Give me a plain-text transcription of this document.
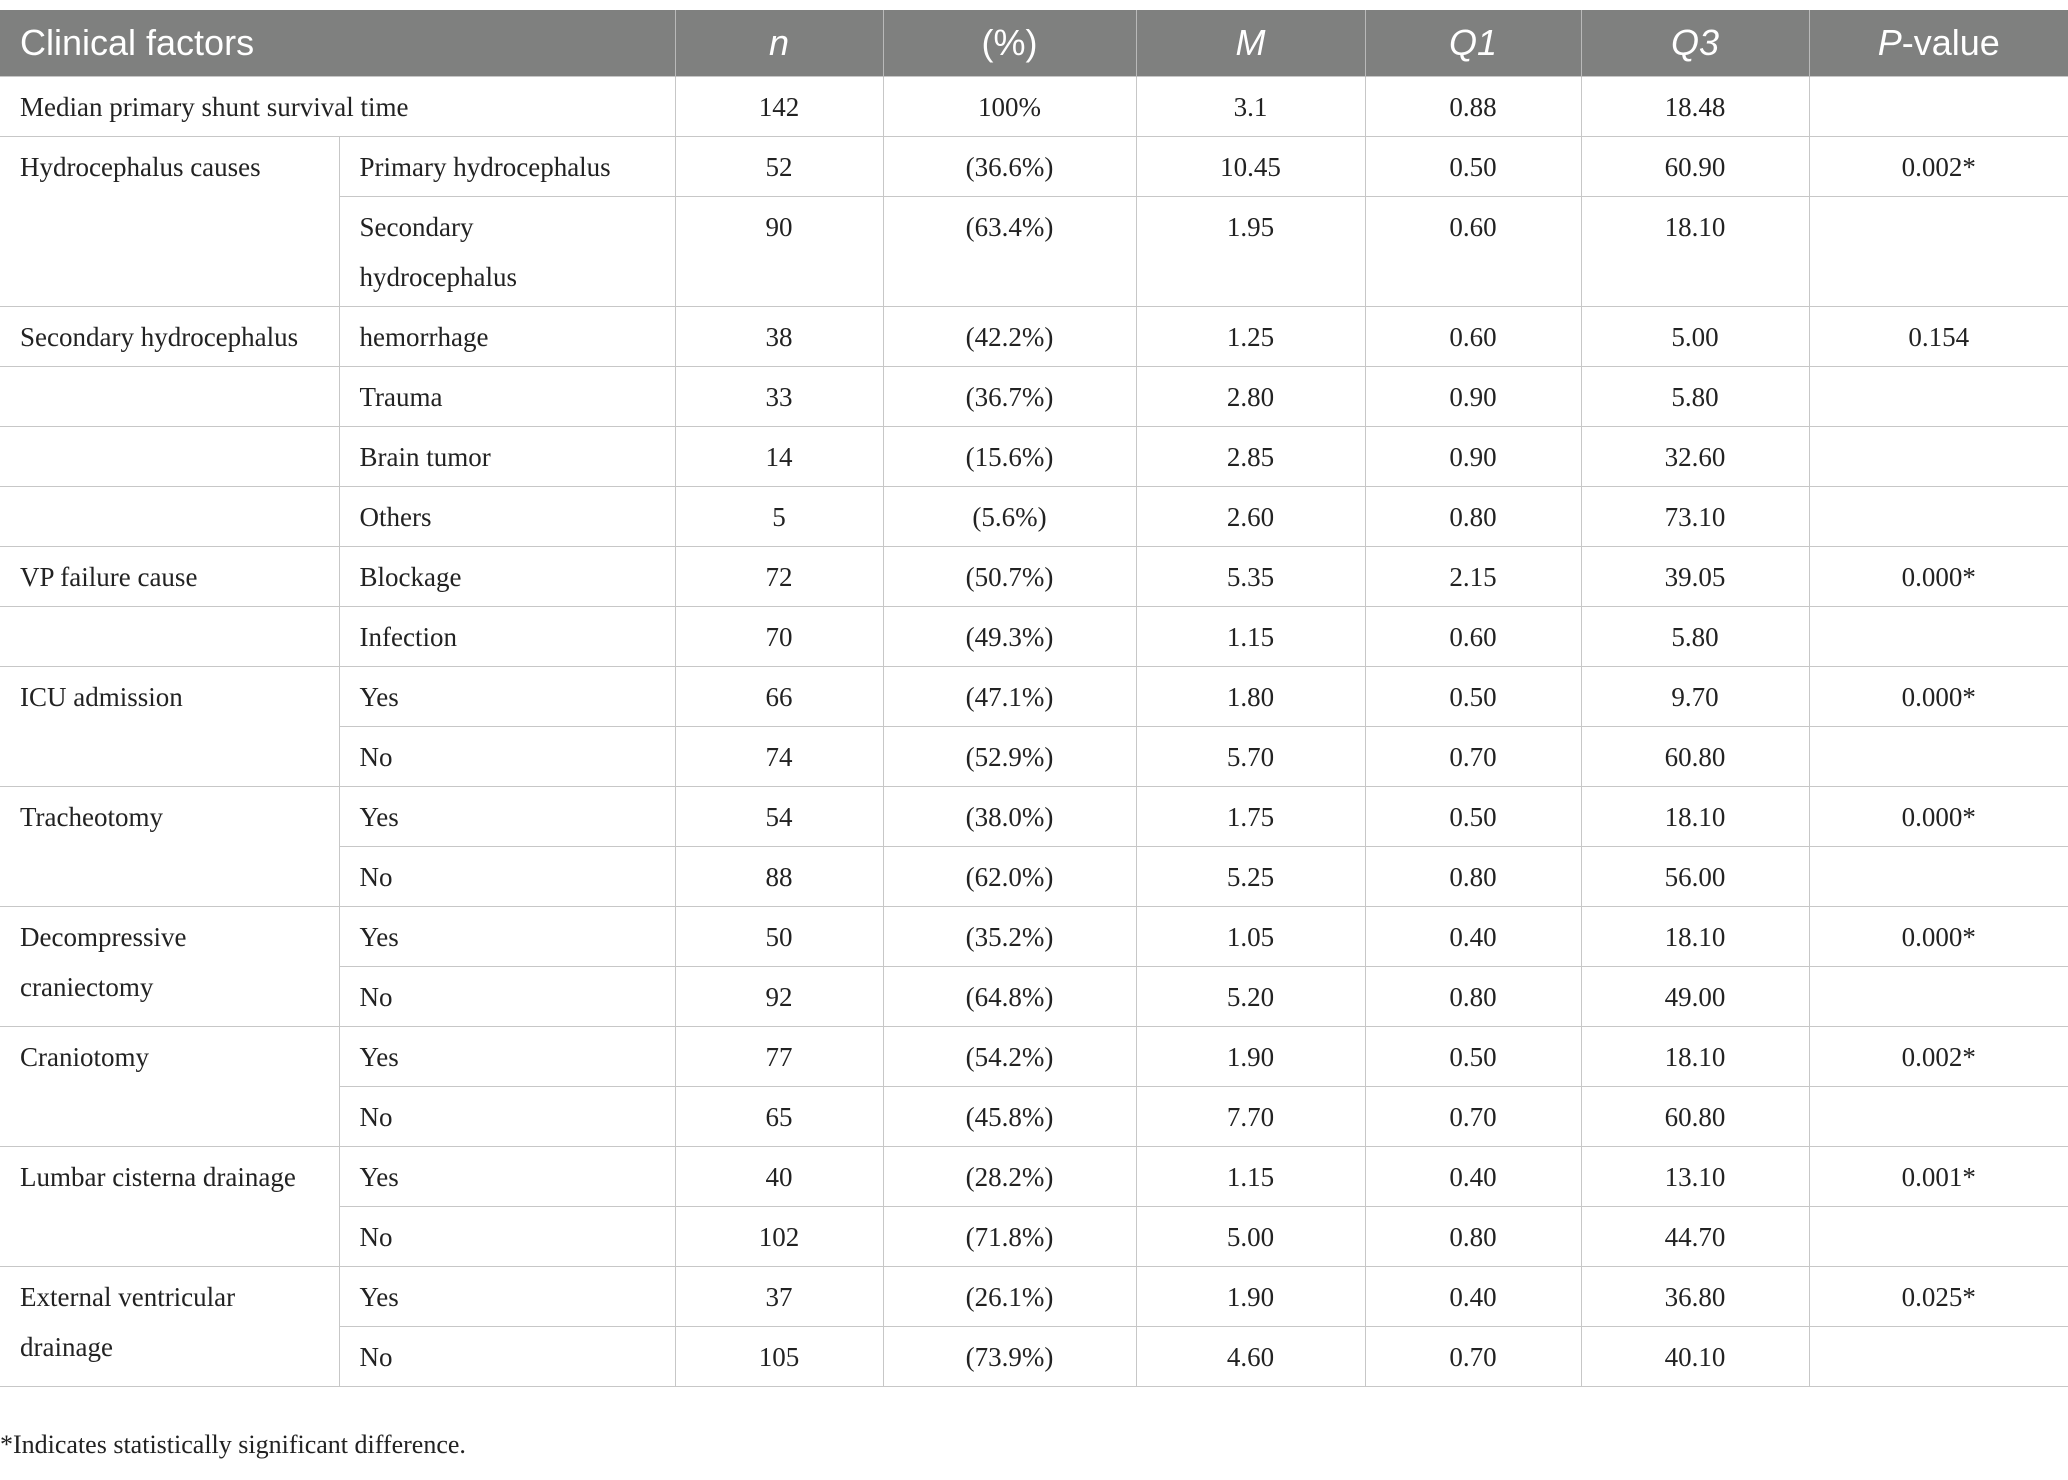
Clinical factors		n	(%)	M	Q1	Q3	P-value
Median primary shunt survival time		142	100%	3.1	0.88	18.48	
Hydrocephalus causes	Primary hydrocephalus	52	(36.6%)	10.45	0.50	60.90	0.002*
	Secondary hydrocephalus	90	(63.4%)	1.95	0.60	18.10	
Secondary hydrocephalus	hemorrhage	38	(42.2%)	1.25	0.60	5.00	0.154
	Trauma	33	(36.7%)	2.80	0.90	5.80	
	Brain tumor	14	(15.6%)	2.85	0.90	32.60	
	Others	5	(5.6%)	2.60	0.80	73.10	
VP failure cause	Blockage	72	(50.7%)	5.35	2.15	39.05	0.000*
	Infection	70	(49.3%)	1.15	0.60	5.80	
ICU admission	Yes	66	(47.1%)	1.80	0.50	9.70	0.000*
	No	74	(52.9%)	5.70	0.70	60.80	
Tracheotomy	Yes	54	(38.0%)	1.75	0.50	18.10	0.000*
	No	88	(62.0%)	5.25	0.80	56.00	
Decompressive craniectomy	Yes	50	(35.2%)	1.05	0.40	18.10	0.000*
	No	92	(64.8%)	5.20	0.80	49.00	
Craniotomy	Yes	77	(54.2%)	1.90	0.50	18.10	0.002*
	No	65	(45.8%)	7.70	0.70	60.80	
Lumbar cisterna drainage	Yes	40	(28.2%)	1.15	0.40	13.10	0.001*
	No	102	(71.8%)	5.00	0.80	44.70	
External ventricular drainage	Yes	37	(26.1%)	1.90	0.40	36.80	0.025*
	No	105	(73.9%)	4.60	0.70	40.10	
*Indicates statistically significant difference.
